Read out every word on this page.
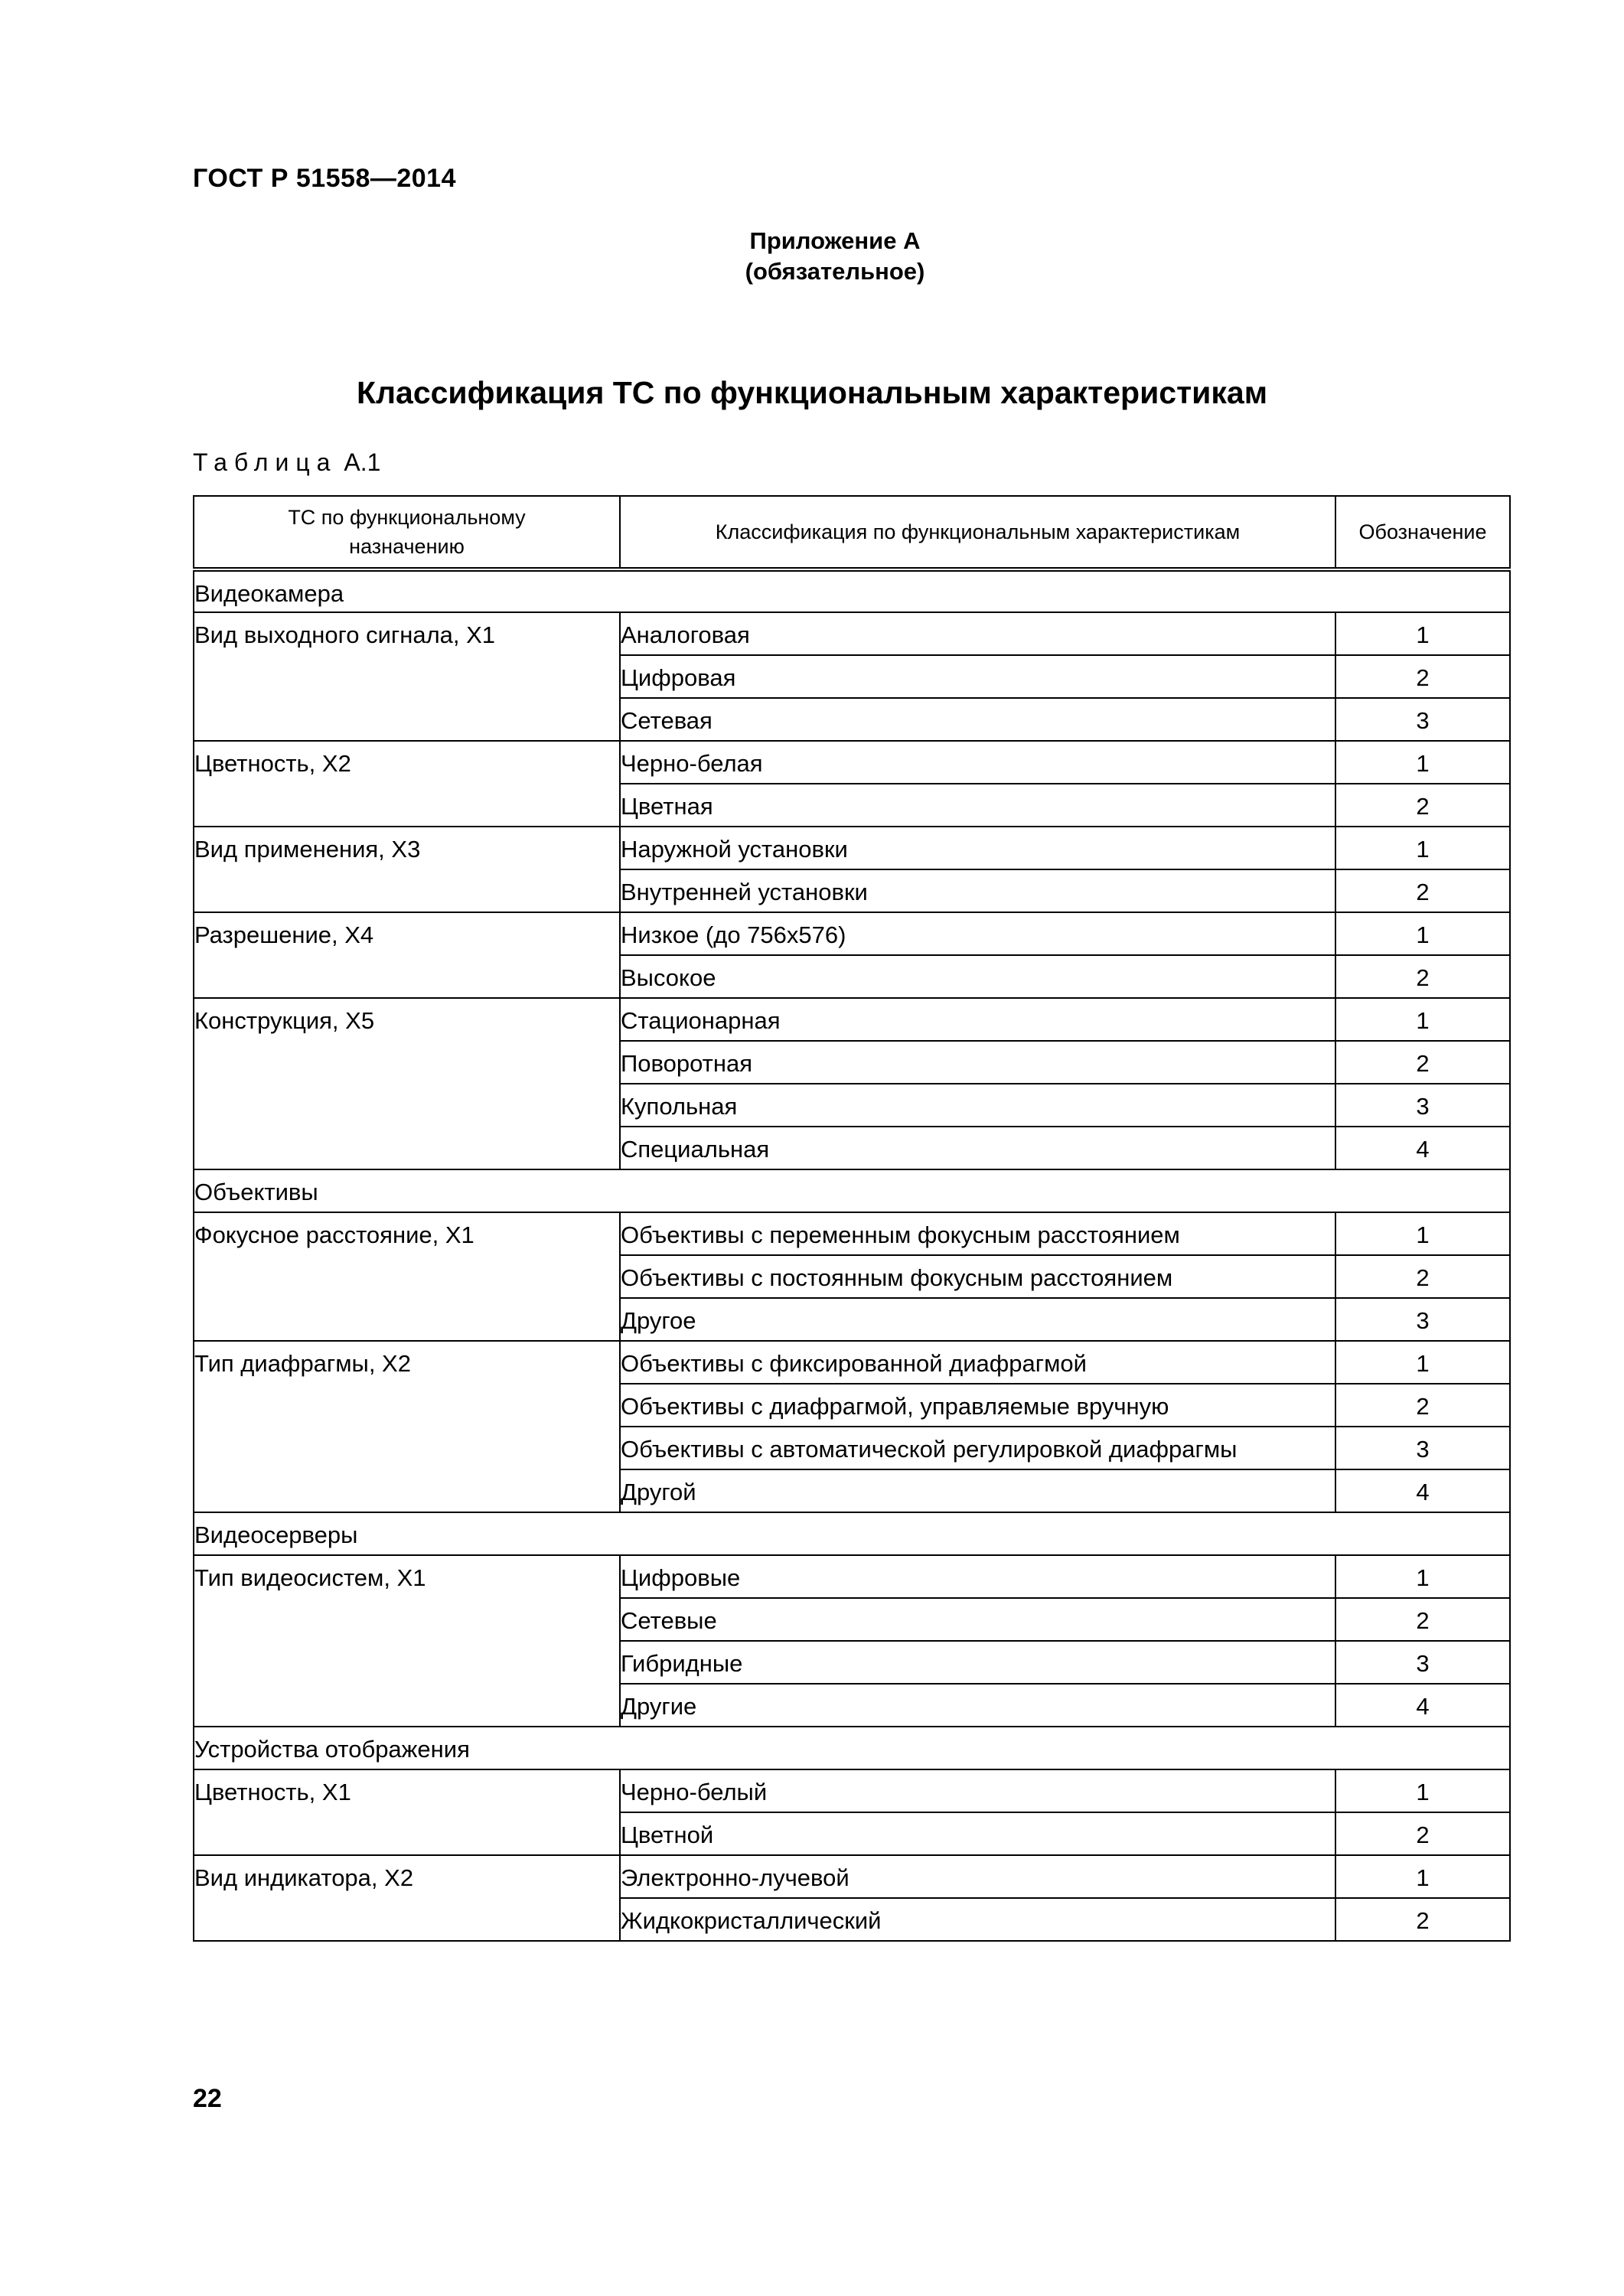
ГОСТ Р 51558—2014
Приложение А
(обязательное)
Классификация ТС по функциональным характеристикам
Таблица А.1
ТС по функциональному назначению	Классификация по функциональным характеристикам	Обозначение
Видеокамера		
Вид выходного сигнала, Х1	Аналоговая	1
	Цифровая	2
	Сетевая	3
Цветность, Х2	Черно-белая	1
	Цветная	2
Вид применения, Х3	Наружной установки	1
	Внутренней установки	2
Разрешение, Х4	Низкое (до 756x576)	1
	Высокое	2
Конструкция, Х5	Стационарная	1
	Поворотная	2
	Купольная	3
	Специальная	4
Объективы		
Фокусное расстояние, Х1	Объективы с переменным фокусным расстоянием	1
	Объективы с постоянным фокусным расстоянием	2
	Другое	3
Тип диафрагмы, Х2	Объективы с фиксированной диафрагмой	1
	Объективы с диафрагмой, управляемые вручную	2
	Объективы с автоматической регулировкой диафрагмы	3
	Другой	4
Видеосерверы		
Тип видеосистем, Х1	Цифровые	1
	Сетевые	2
	Гибридные	3
	Другие	4
Устройства отображения		
Цветность, Х1	Черно-белый	1
	Цветной	2
Вид индикатора, Х2	Электронно-лучевой	1
	Жидкокристаллический	2
22
